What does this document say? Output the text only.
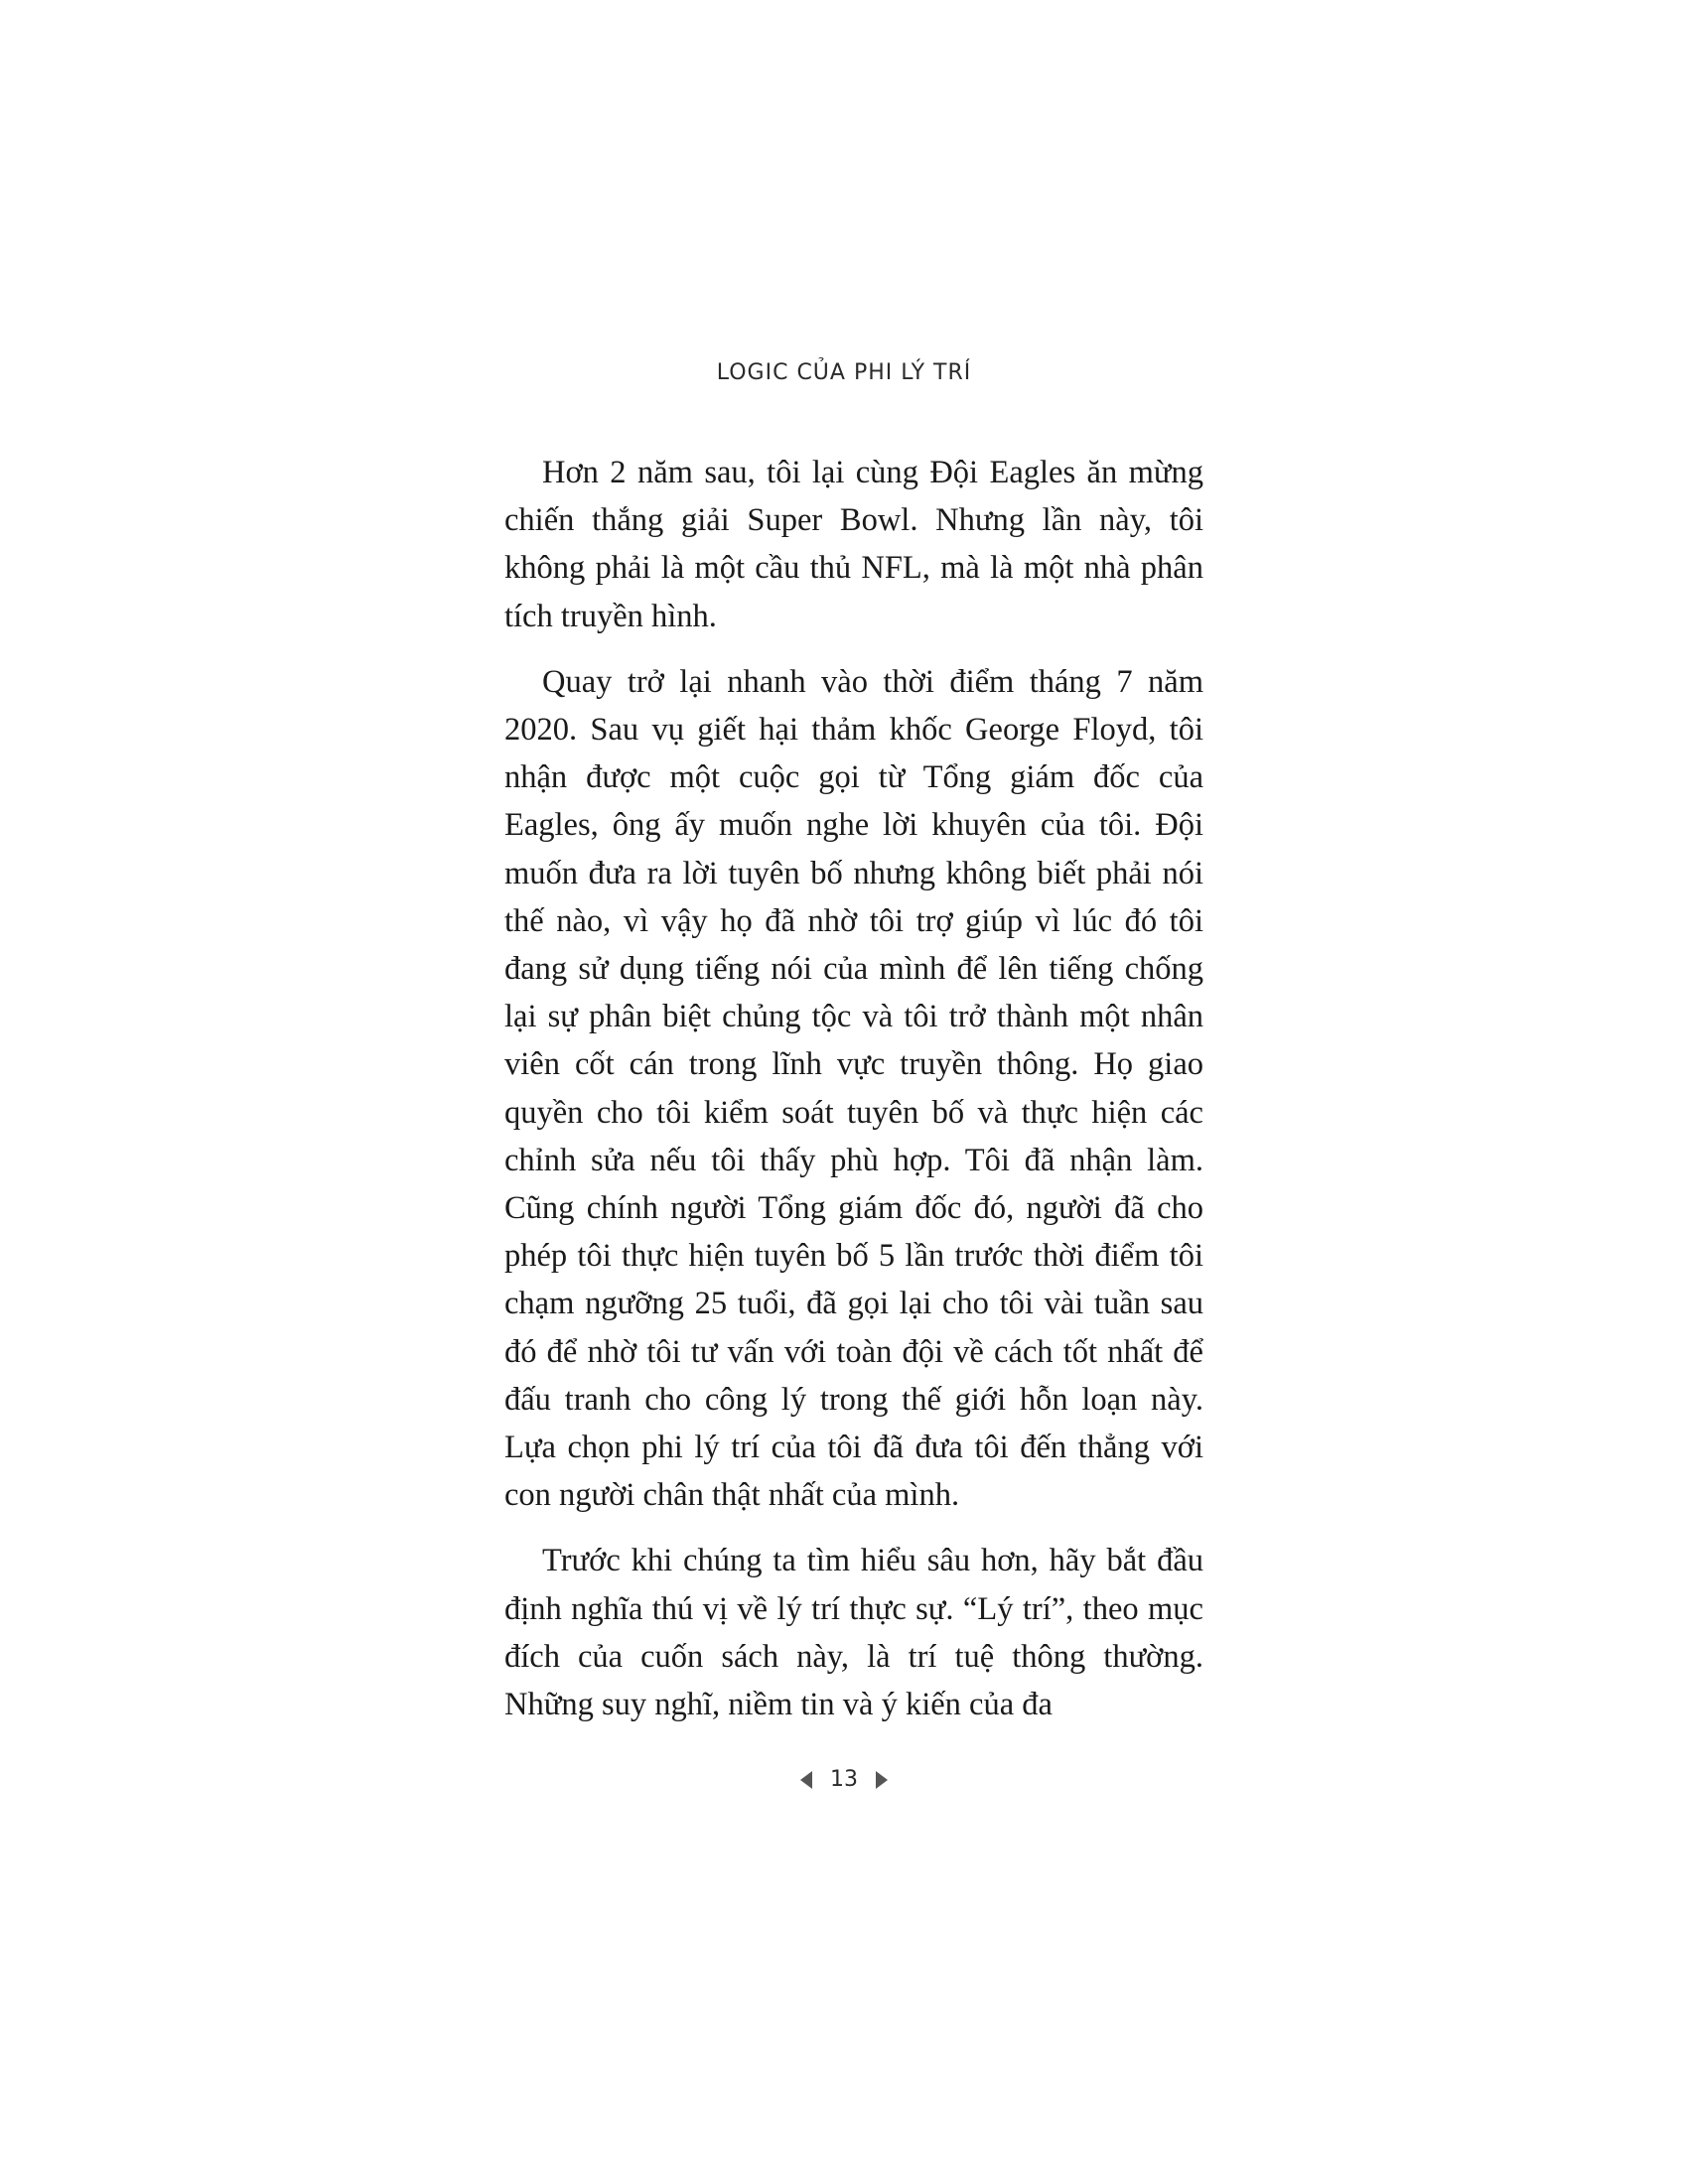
LOGIC CỦA PHI LÝ TRÍ

Hơn 2 năm sau, tôi lại cùng Đội Eagles ăn mừng chiến thắng giải Super Bowl. Nhưng lần này, tôi không phải là một cầu thủ NFL, mà là một nhà phân tích truyền hình.

Quay trở lại nhanh vào thời điểm tháng 7 năm 2020. Sau vụ giết hại thảm khốc George Floyd, tôi nhận được một cuộc gọi từ Tổng giám đốc của Eagles, ông ấy muốn nghe lời khuyên của tôi. Đội muốn đưa ra lời tuyên bố nhưng không biết phải nói thế nào, vì vậy họ đã nhờ tôi trợ giúp vì lúc đó tôi đang sử dụng tiếng nói của mình để lên tiếng chống lại sự phân biệt chủng tộc và tôi trở thành một nhân viên cốt cán trong lĩnh vực truyền thông. Họ giao quyền cho tôi kiểm soát tuyên bố và thực hiện các chỉnh sửa nếu tôi thấy phù hợp. Tôi đã nhận làm. Cũng chính người Tổng giám đốc đó, người đã cho phép tôi thực hiện tuyên bố 5 lần trước thời điểm tôi chạm ngưỡng 25 tuổi, đã gọi lại cho tôi vài tuần sau đó để nhờ tôi tư vấn với toàn đội về cách tốt nhất để đấu tranh cho công lý trong thế giới hỗn loạn này. Lựa chọn phi lý trí của tôi đã đưa tôi đến thẳng với con người chân thật nhất của mình.

Trước khi chúng ta tìm hiểu sâu hơn, hãy bắt đầu định nghĩa thú vị về lý trí thực sự. “Lý trí”, theo mục đích của cuốn sách này, là trí tuệ thông thường. Những suy nghĩ, niềm tin và ý kiến của đa

13
